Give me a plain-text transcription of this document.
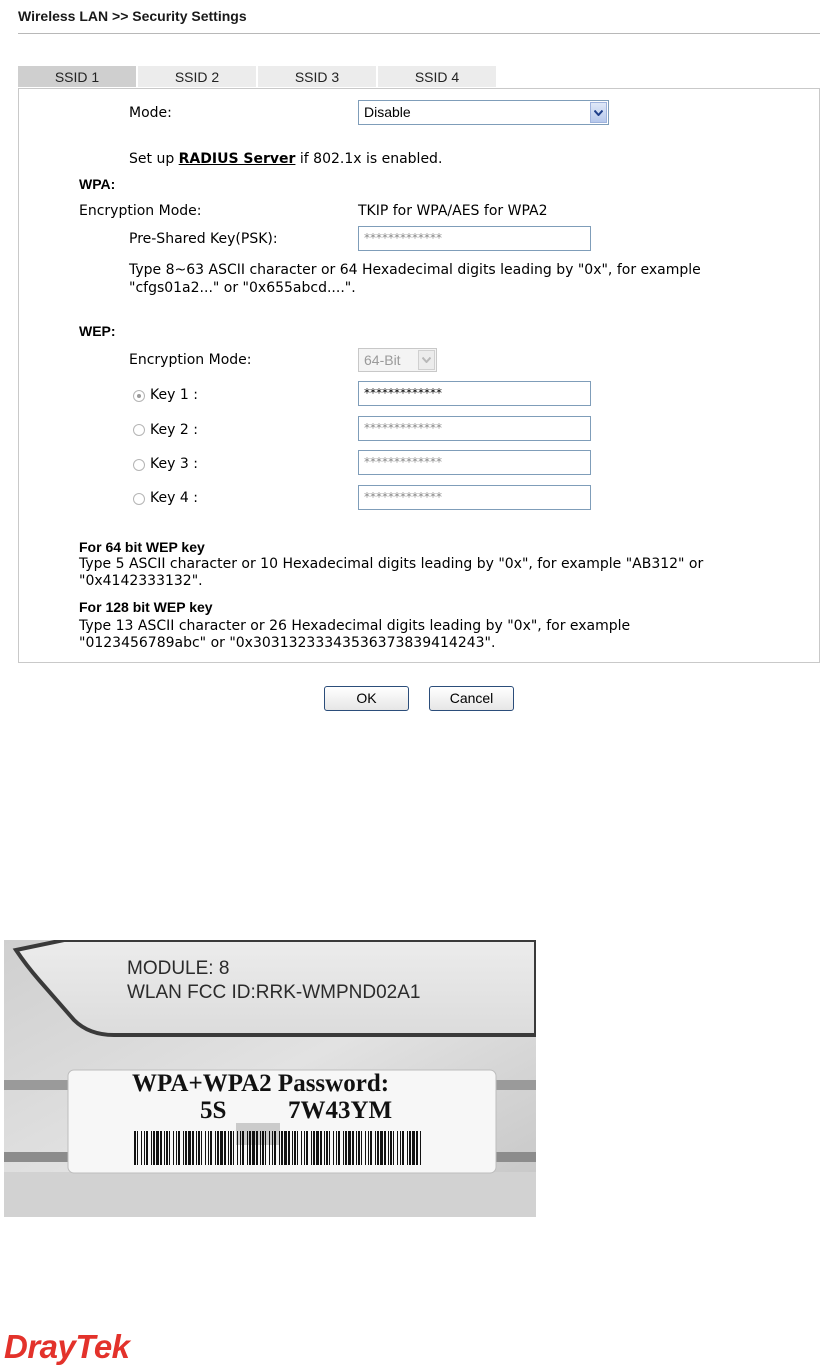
Wireless LAN >> Security Settings
SSID 1	SSID 2	SSID 3	SSID 4
Mode:	Disable
Set up RADIUS Server if 802.1x is enabled.
WPA:
Encryption Mode:	TKIP for WPA/AES for WPA2
Pre-Shared Key(PSK):	*************
Type 8~63 ASCII character or 64 Hexadecimal digits leading by "0x", for example
"cfgs01a2..." or "0x655abcd....".
WEP:
Encryption Mode:	64-Bit
Key 1 :	*************
Key 2 :	*************
Key 3 :	*************
Key 4 :	*************
For 64 bit WEP key
Type 5 ASCII character or 10 Hexadecimal digits leading by "0x", for example "AB312" or
"0x4142333132".
For 128 bit WEP key
Type 13 ASCII character or 26 Hexadecimal digits leading by "0x", for example
"0123456789abc" or "0x30313233343536373839414243".
OK	Cancel
MODULE: 8
WLAN FCC ID:RRK-WMPND02A1
WPA+WPA2 Password:
5S 7W43YM
DrayTek
